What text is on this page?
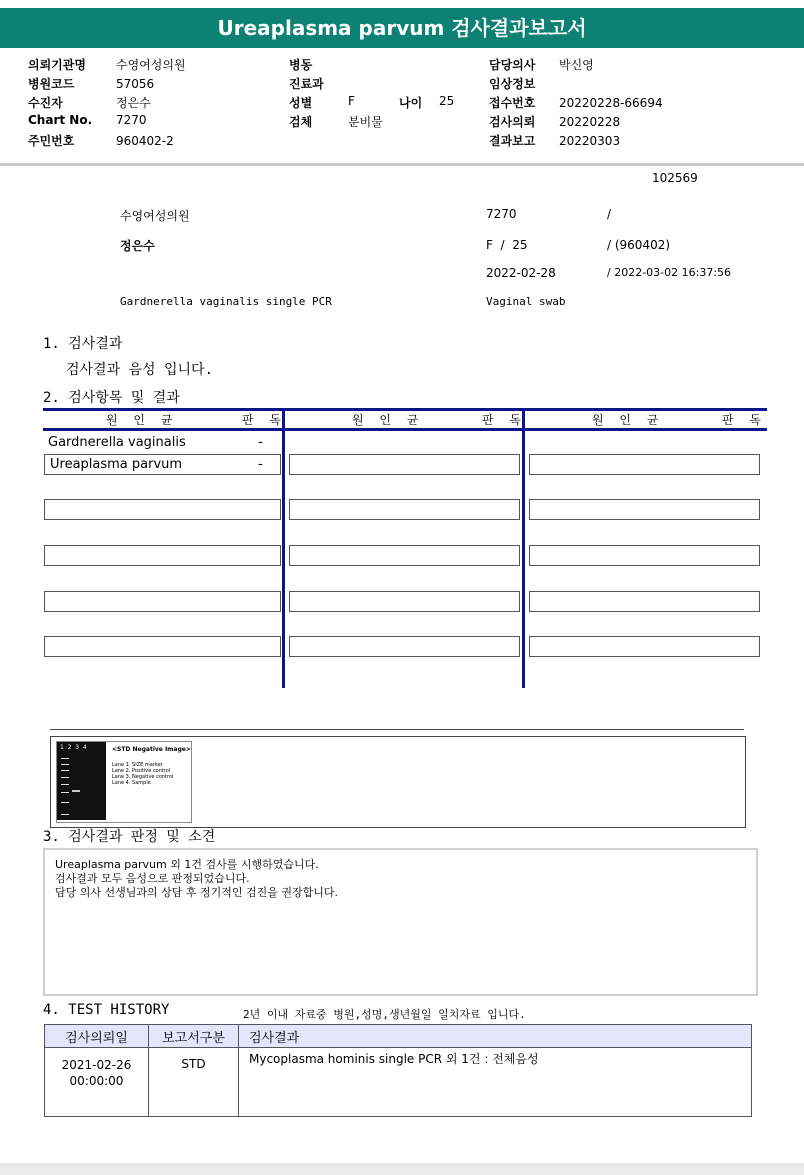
Ureaplasma parvum 검사결과보고서
의뢰기관명	수영여성의원
병원코드	57056
수진자	정은수
Chart No. 7270
주민번호	960402-2
병동
진료과
성별	F	나이 25
검체	분비물
담당의사 박신영
임상정보
접수번호 20220228-66694
검사의뢰 20220228
결과보고 20220303
102569
수영여성의원	7270	/
정은수	F  /  25	/ (960402)
2022-02-28	/ 2022-03-02 16:37:56
Gardnerella vaginalis single PCR	Vaginal swab
1. 검사결과
검사결과 음성 입니다.
2. 검사항목 및 결과
원 인 균	판 독	원 인 균	판 독	원 인 균	판 독
Gardnerella vaginalis	-
Ureaplasma parvum	-
1  2  3  4	<STD Negative Image>
Lane 1. SIZE marker
Lane 2. Positive control
Lane 3. Negative control
Lane 4. Sample
3. 검사결과 판정 및 소견
Ureaplasma parvum 외 1건 검사를 시행하였습니다.
검사결과 모두 음성으로 판정되었습니다.
담당 의사 선생님과의 상담 후 정기적인 검진을 권장합니다.
4. TEST HISTORY	2년 이내 자료중 병원,성명,생년월일 일치자료 입니다.
검사의뢰일	보고서구분	검사결과

2021-02-26
00:00:00	STD	Mycoplasma hominis single PCR 외 1건 : 전체음성
